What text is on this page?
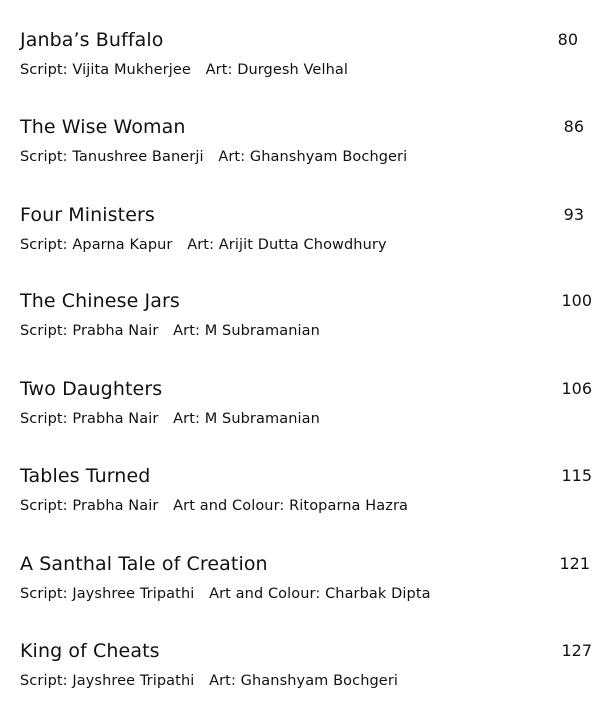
Janba’s Buffalo	80
Script: Vijita Mukherjee Art: Durgesh Velhal
The Wise Woman	86
Script: Tanushree Banerji Art: Ghanshyam Bochgeri
Four Ministers	93
Script: Aparna Kapur Art: Arijit Dutta Chowdhury
The Chinese Jars	100
Script: Prabha Nair Art: M Subramanian
Two Daughters	106
Script: Prabha Nair Art: M Subramanian
Tables Turned	115
Script: Prabha Nair Art and Colour: Ritoparna Hazra
A Santhal Tale of Creation	121
Script: Jayshree Tripathi Art and Colour: Charbak Dipta
King of Cheats	127
Script: Jayshree Tripathi Art: Ghanshyam Bochgeri
